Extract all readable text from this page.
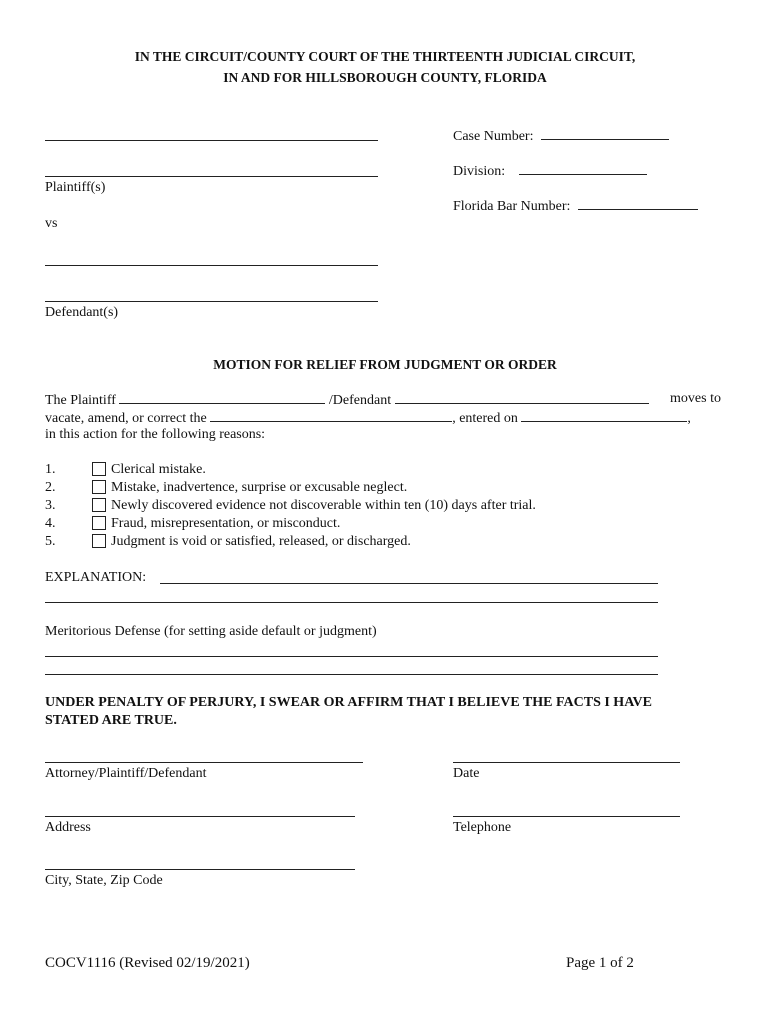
IN THE CIRCUIT/COUNTY COURT OF THE THIRTEENTH JUDICIAL CIRCUIT,
IN AND FOR HILLSBOROUGH COUNTY, FLORIDA
Plaintiff(s)
vs
Defendant(s)
Case Number:
Division:
Florida Bar Number:
MOTION FOR RELIEF FROM JUDGMENT OR ORDER
The Plaintiff	/Defendant	moves to
vacate, amend, or correct the	, entered on	,
in this action for the following reasons:
1.	Clerical mistake.
2.	Mistake, inadvertence, surprise or excusable neglect.
3.	Newly discovered evidence not discoverable within ten (10) days after trial.
4.	Fraud, misrepresentation, or misconduct.
5.	Judgment is void or satisfied, released, or discharged.
EXPLANATION:
Meritorious Defense (for setting aside default or judgment)
UNDER PENALTY OF PERJURY, I SWEAR OR AFFIRM THAT I BELIEVE THE FACTS I HAVE
STATED ARE TRUE.
Attorney/Plaintiff/Defendant	Date
Address	Telephone
City, State, Zip Code
COCV1116 (Revised 02/19/2021)	Page 1 of 2
